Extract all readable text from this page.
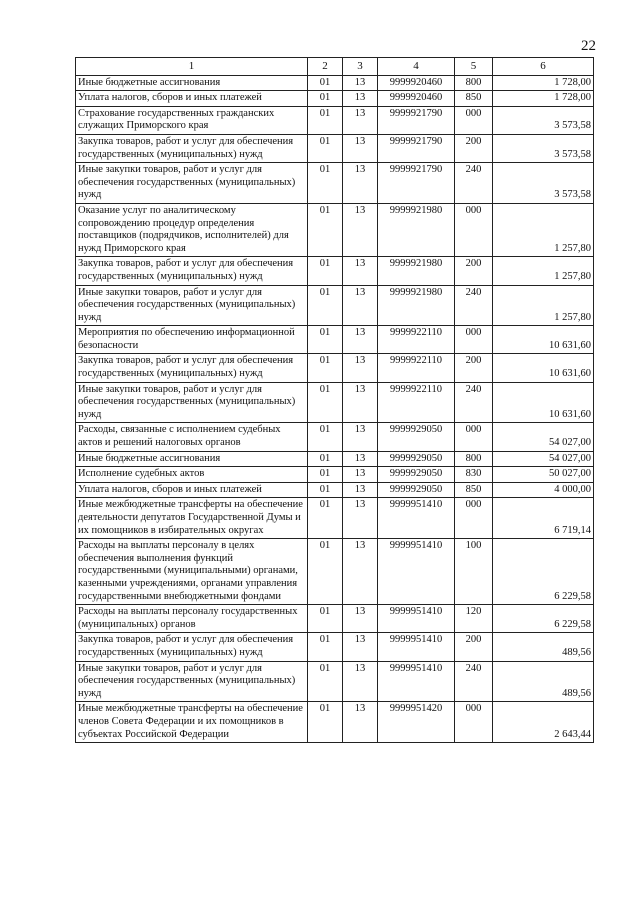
22
1	2	3	4	5	6
Иные бюджетные ассигнования	01	13	9999920460	800	1 728,00
Уплата налогов, сборов и иных платежей	01	13	9999920460	850	1 728,00
Страхование государственных гражданских служащих Приморского края	01	13	9999921790	000	3 573,58
Закупка товаров, работ и услуг для обеспечения государственных (муниципальных) нужд	01	13	9999921790	200	3 573,58
Иные закупки товаров, работ и услуг для обеспечения государственных (муниципальных) нужд	01	13	9999921790	240	3 573,58
Оказание услуг по аналитическому сопровождению процедур определения поставщиков (подрядчиков, исполнителей) для нужд Приморского края	01	13	9999921980	000	1 257,80
Закупка товаров, работ и услуг для обеспечения государственных (муниципальных) нужд	01	13	9999921980	200	1 257,80
Иные закупки товаров, работ и услуг для обеспечения государственных (муниципальных) нужд	01	13	9999921980	240	1 257,80
Мероприятия по обеспечению информационной безопасности	01	13	9999922110	000	10 631,60
Закупка товаров, работ и услуг для обеспечения государственных (муниципальных) нужд	01	13	9999922110	200	10 631,60
Иные закупки товаров, работ и услуг для обеспечения государственных (муниципальных) нужд	01	13	9999922110	240	10 631,60
Расходы, связанные с исполнением судебных актов и решений налоговых органов	01	13	9999929050	000	54 027,00
Иные бюджетные ассигнования	01	13	9999929050	800	54 027,00
Исполнение судебных актов	01	13	9999929050	830	50 027,00
Уплата налогов, сборов и иных платежей	01	13	9999929050	850	4 000,00
Иные межбюджетные трансферты на обеспечение деятельности депутатов Государственной Думы и их помощников в избирательных округах	01	13	9999951410	000	6 719,14
Расходы на выплаты персоналу в целях обеспечения выполнения функций государственными (муниципальными) органами, казенными учреждениями, органами управления государственными внебюджетными фондами	01	13	9999951410	100	6 229,58
Расходы на выплаты персоналу государственных (муниципальных) органов	01	13	9999951410	120	6 229,58
Закупка товаров, работ и услуг для обеспечения государственных (муниципальных) нужд	01	13	9999951410	200	489,56
Иные закупки товаров, работ и услуг для обеспечения государственных (муниципальных) нужд	01	13	9999951410	240	489,56
Иные межбюджетные трансферты на обеспечение членов Совета Федерации и их помощников в субъектах Российской Федерации	01	13	9999951420	000	2 643,44
